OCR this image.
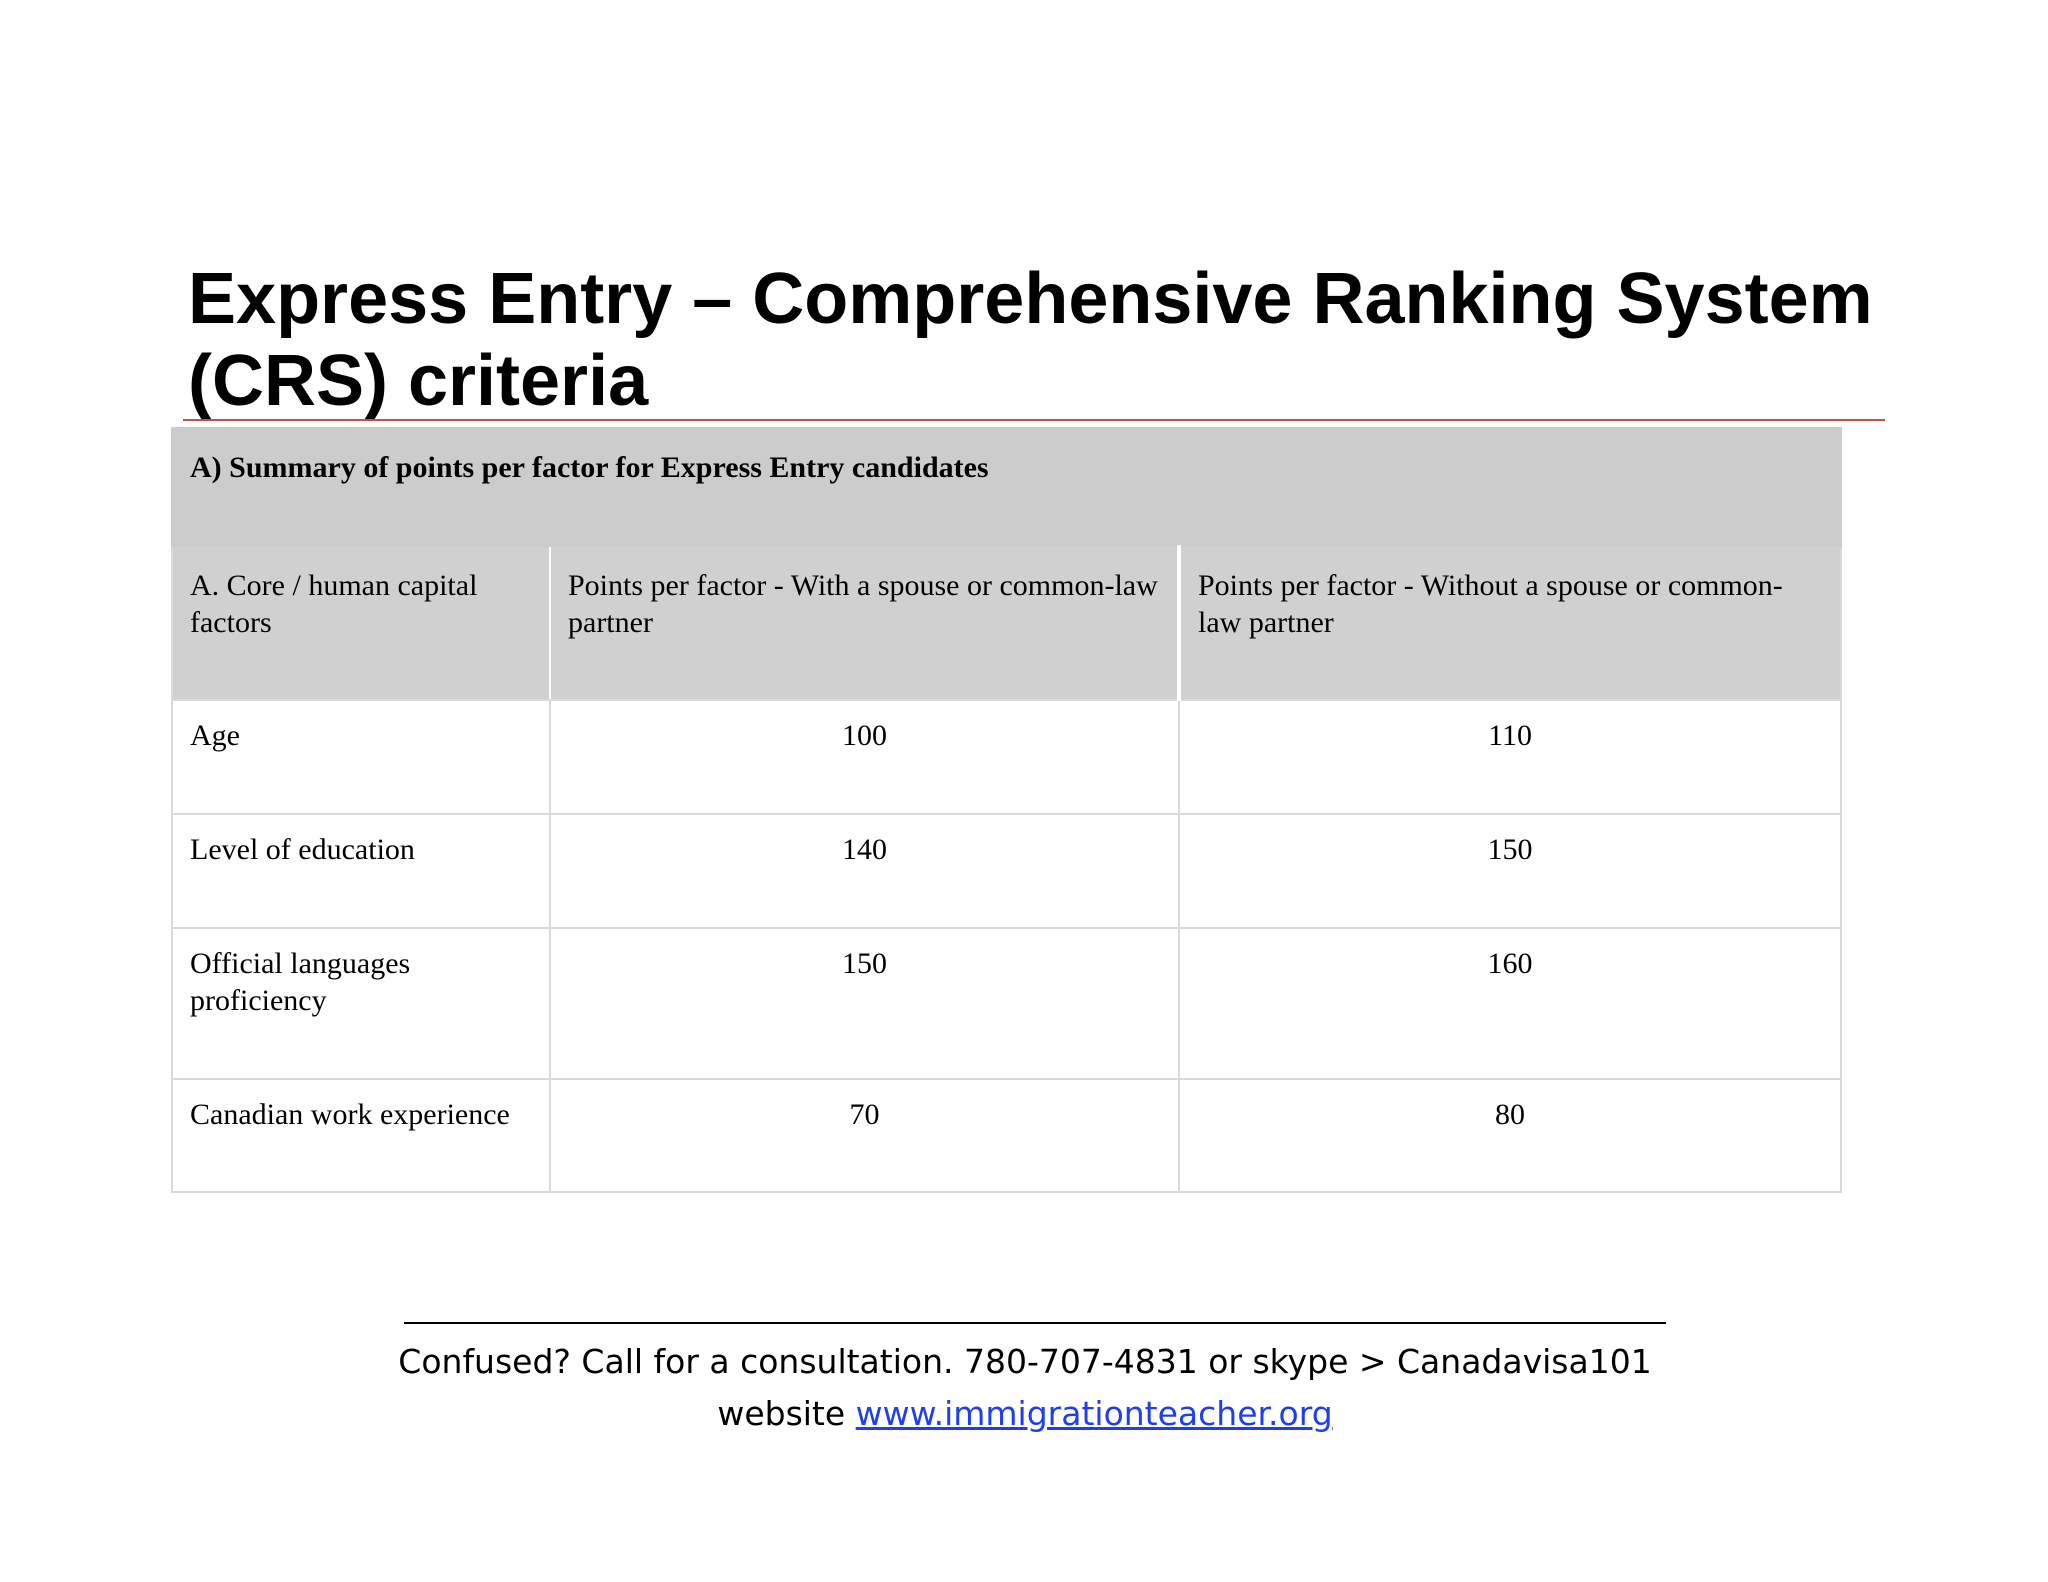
Express Entry – Comprehensive Ranking System (CRS) criteria
A) Summary of points per factor for Express Entry candidates		
A. Core / human capital factors	Points per factor - With a spouse or common-law partner	Points per factor - Without a spouse or common-law partner
Age	100	110
Level of education	140	150
Official languages proficiency	150	160
Canadian work experience	70	80
Confused? Call for a consultation. 780-707-4831 or skype > Canadavisa101
website www.immigrationteacher.org
